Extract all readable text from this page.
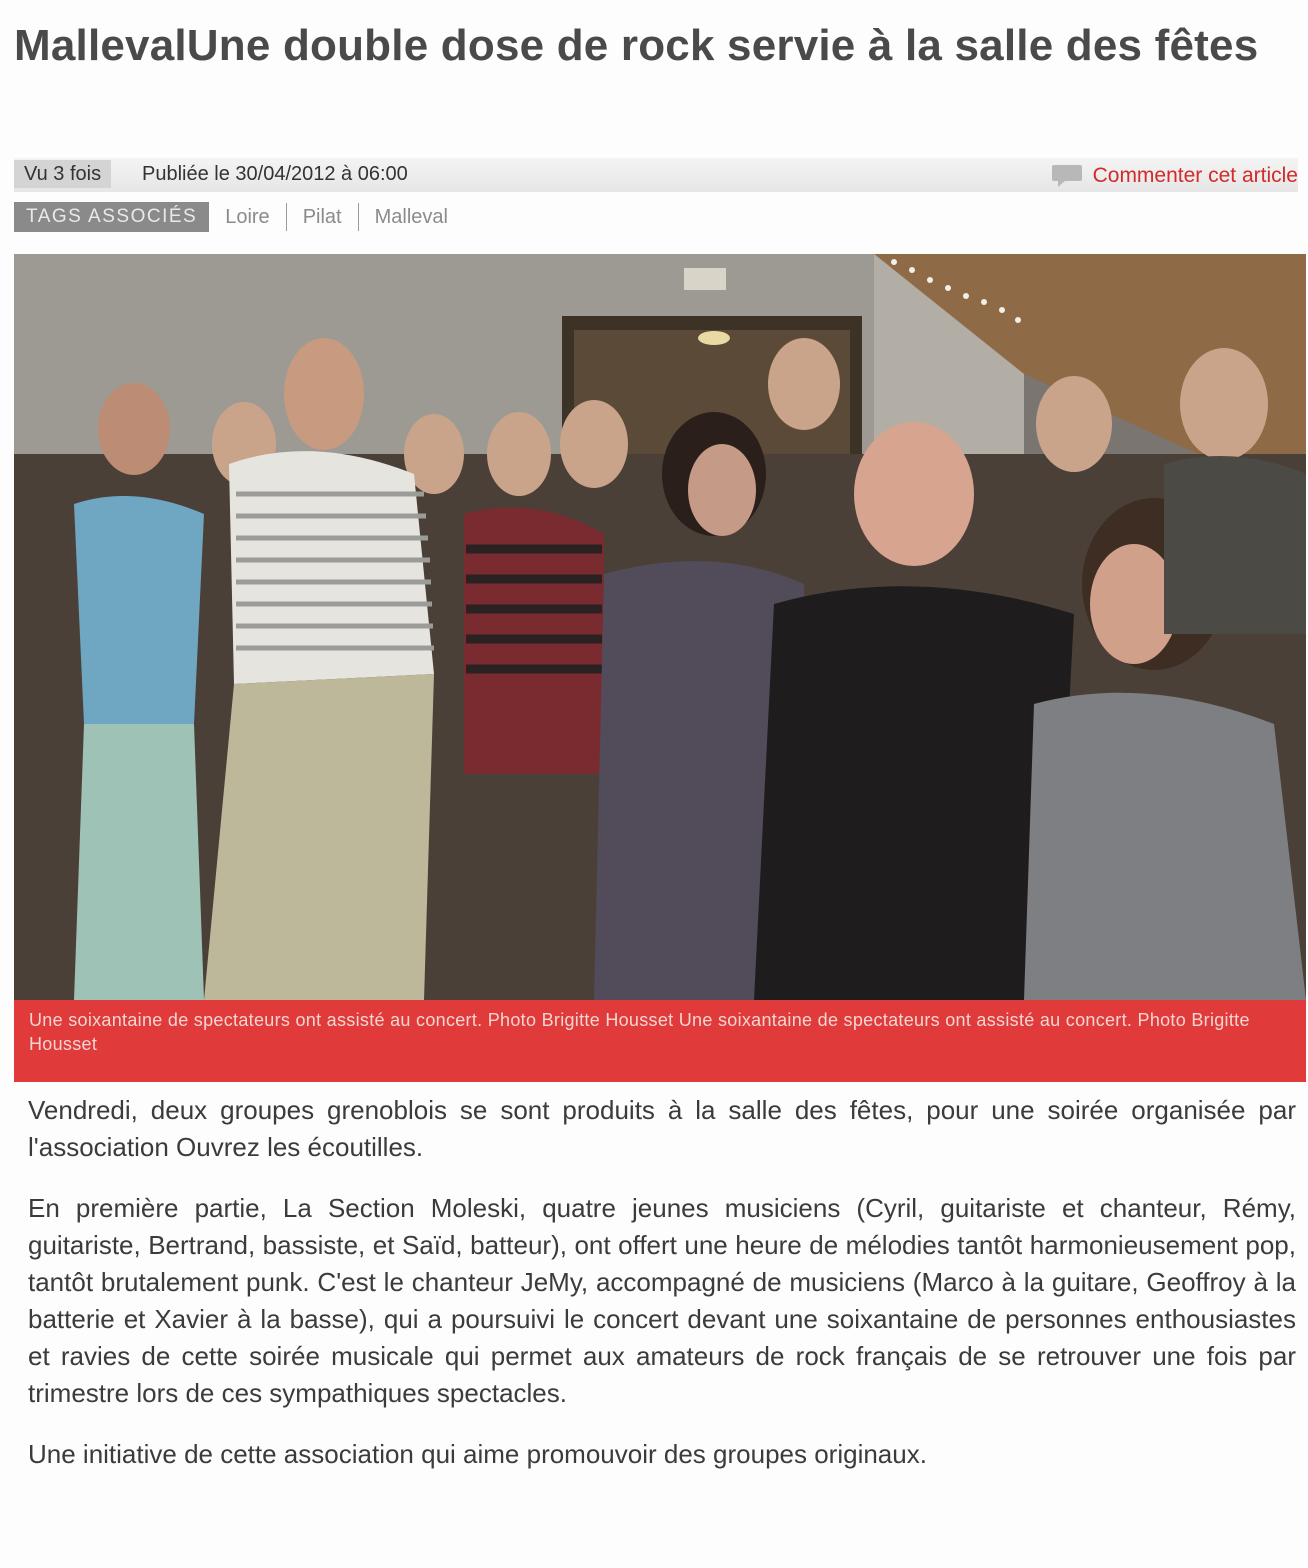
MallevalUne double dose de rock servie à la salle des fêtes
Vu 3 fois	Publiée le 30/04/2012 à 06:00	Commenter cet article
TAGS ASSOCIÉS	Loire	Pilat	Malleval
Une soixantaine de spectateurs ont assisté au concert. Photo Brigitte Housset Une soixantaine de spectateurs ont assisté au concert. Photo Brigitte Housset

Vendredi, deux groupes grenoblois se sont produits à la salle des fêtes, pour une soirée organisée par l'association Ouvrez les écoutilles.

En première partie, La Section Moleski, quatre jeunes musiciens (Cyril, guitariste et chanteur, Rémy, guitariste, Bertrand, bassiste, et Saïd, batteur), ont offert une heure de mélodies tantôt harmonieusement pop, tantôt brutalement punk. C'est le chanteur JeMy, accompagné de musiciens (Marco à la guitare, Geoffroy à la batterie et Xavier à la basse), qui a poursuivi le concert devant une soixantaine de personnes enthousiastes et ravies de cette soirée musicale qui permet aux amateurs de rock français de se retrouver une fois par trimestre lors de ces sympathiques spectacles.

Une initiative de cette association qui aime promouvoir des groupes originaux.
